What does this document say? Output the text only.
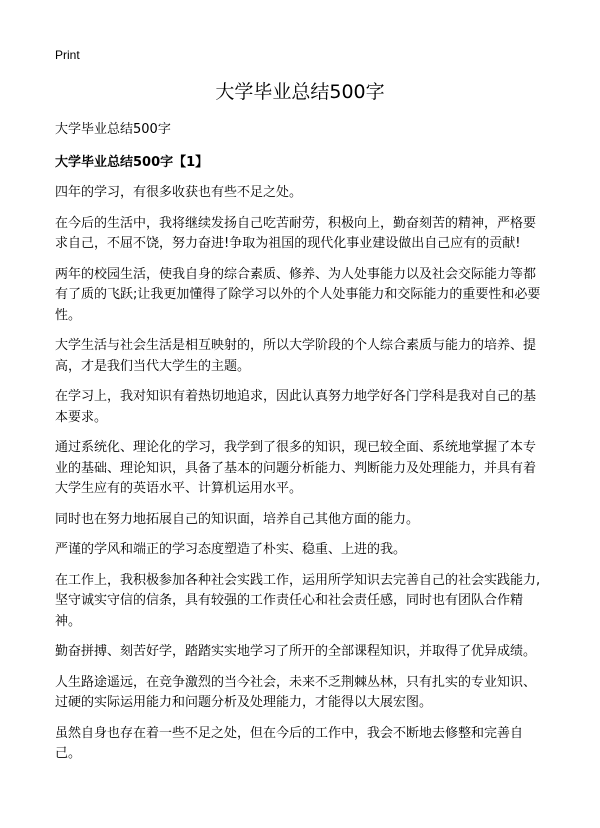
Print
大学毕业总结500字

大学毕业总结500字

大学毕业总结500字【1】

四年的学习，有很多收获也有些不足之处。

在今后的生活中，我将继续发扬自己吃苦耐劳，积极向上，勤奋刻苦的精神，严格要求自己，不屈不饶，努力奋进!争取为祖国的现代化事业建设做出自己应有的贡献!

两年的校园生活，使我自身的综合素质、修养、为人处事能力以及社会交际能力等都有了质的飞跃;让我更加懂得了除学习以外的个人处事能力和交际能力的重要性和必要性。

大学生活与社会生活是相互映射的，所以大学阶段的个人综合素质与能力的培养、提高，才是我们当代大学生的主题。

在学习上，我对知识有着热切地追求，因此认真努力地学好各门学科是我对自己的基本要求。

通过系统化、理论化的学习，我学到了很多的知识，现已较全面、系统地掌握了本专业的基础、理论知识，具备了基本的问题分析能力、判断能力及处理能力，并具有着大学生应有的英语水平、计算机运用水平。

同时也在努力地拓展自己的知识面，培养自己其他方面的能力。

严谨的学风和端正的学习态度塑造了朴实、稳重、上进的我。

在工作上，我积极参加各种社会实践工作，运用所学知识去完善自己的社会实践能力,坚守诚实守信的信条，具有较强的工作责任心和社会责任感，同时也有团队合作精神。

勤奋拼搏、刻苦好学，踏踏实实地学习了所开的全部课程知识，并取得了优异成绩。

人生路途遥远，在竞争激烈的当今社会，未来不乏荆棘丛林，只有扎实的专业知识、过硬的实际运用能力和问题分析及处理能力，才能得以大展宏图。

虽然自身也存在着一些不足之处，但在今后的工作中，我会不断地去修整和完善自己。
